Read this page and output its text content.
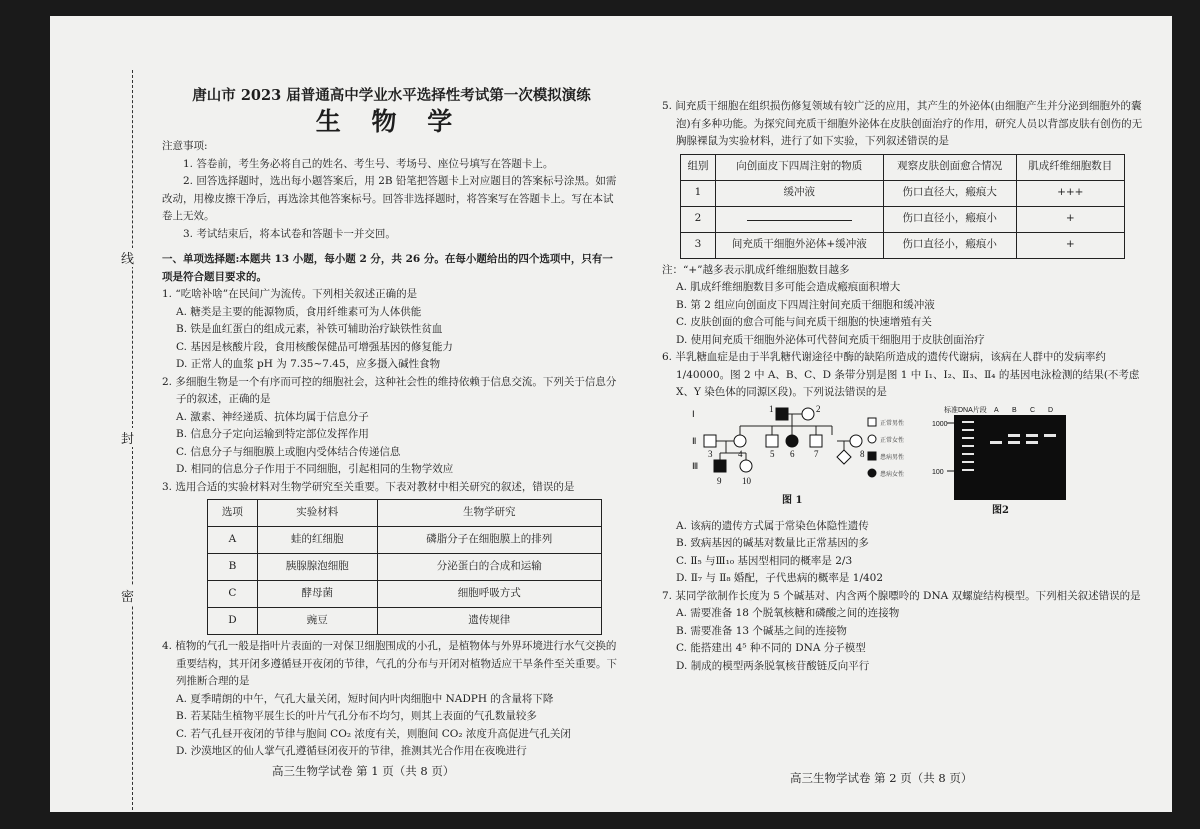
线
封
密
唐山市 2023 届普通高中学业水平选择性考试第一次模拟演练
生 物 学

注意事项:

1. 答卷前，考生务必将自己的姓名、考生号、考场号、座位号填写在答题卡上。

2. 回答选择题时，选出每小题答案后，用 2B 铅笔把答题卡上对应题目的答案标号涂黑。如需改动，用橡皮擦干净后，再选涂其他答案标号。回答非选择题时，将答案写在答题卡上。写在本试卷上无效。

3. 考试结束后，将本试卷和答题卡一并交回。

一、单项选择题:本题共 13 小题，每小题 2 分，共 26 分。在每小题给出的四个选项中，只有一项是符合题目要求的。

1. “吃啥补啥”在民间广为流传。下列相关叙述正确的是

A. 糖类是主要的能源物质，食用纤维素可为人体供能

B. 铁是血红蛋白的组成元素，补铁可辅助治疗缺铁性贫血

C. 基因是核酸片段，食用核酸保健品可增强基因的修复能力

D. 正常人的血浆 pH 为 7.35~7.45，应多摄入碱性食物

2. 多细胞生物是一个有序而可控的细胞社会，这种社会性的维持依赖于信息交流。下列关于信息分子的叙述，正确的是

A. 激素、神经递质、抗体均属于信息分子

B. 信息分子定向运输到特定部位发挥作用

C. 信息分子与细胞膜上或胞内受体结合传递信息

D. 相同的信息分子作用于不同细胞，引起相同的生物学效应

3. 选用合适的实验材料对生物学研究至关重要。下表对教材中相关研究的叙述，错误的是

选项	实验材料	生物学研究
A	蛙的红细胞	磷脂分子在细胞膜上的排列
B	胰腺腺泡细胞	分泌蛋白的合成和运输
C	酵母菌	细胞呼吸方式
D	豌豆	遗传规律

4. 植物的气孔一般是指叶片表面的一对保卫细胞围成的小孔，是植物体与外界环境进行水气交换的重要结构，其开闭多遵循昼开夜闭的节律，气孔的分布与开闭对植物适应干旱条件至关重要。下列推断合理的是

A. 夏季晴朗的中午，气孔大量关闭，短时间内叶肉细胞中 NADPH 的含量将下降

B. 若某陆生植物平展生长的叶片气孔分布不均匀，则其上表面的气孔数量较多

C. 若气孔昼开夜闭的节律与胞间 CO₂ 浓度有关，则胞间 CO₂ 浓度升高促进气孔关闭

D. 沙漠地区的仙人掌气孔遵循昼闭夜开的节律，推测其光合作用在夜晚进行

5. 间充质干细胞在组织损伤修复领域有较广泛的应用，其产生的外泌体(由细胞产生并分泌到细胞外的囊泡)有多种功能。为探究间充质干细胞外泌体在皮肤创面治疗的作用，研究人员以背部皮肤有创伤的无胸腺裸鼠为实验材料，进行了如下实验，下列叙述错误的是

组别	向创面皮下四周注射的物质	观察皮肤创面愈合情况	肌成纤维细胞数目
1	缓冲液	伤口直径大，瘢痕大	+++
2		伤口直径小，瘢痕小	+
3	间充质干细胞外泌体+缓冲液	伤口直径小，瘢痕小	+

注：“+”越多表示肌成纤维细胞数目越多

A. 肌成纤维细胞数目多可能会造成瘢痕面积增大

B. 第 2 组应向创面皮下四周注射间充质干细胞和缓冲液

C. 皮肤创面的愈合可能与间充质干细胞的快速增殖有关

D. 使用间充质干细胞外泌体可代替间充质干细胞用于皮肤创面治疗

6. 半乳糖血症是由于半乳糖代谢途径中酶的缺陷所造成的遗传代谢病，该病在人群中的发病率约 1/40000。图 2 中 A、B、C、D 条带分别是图 1 中 Ⅰ₁、Ⅰ₂、Ⅱ₃、Ⅱ₄ 的基因电泳检测的结果(不考虑 X、Y 染色体的同源区段)。下列说法错误的是

Ⅰ
Ⅱ
Ⅲ
1	2
3	4	5 6 7	8
9 10
正常男性
正常女性
患病男性
患病女性
图 1
标准DNA片段 A B C D
1000
100
图2

A. 该病的遗传方式属于常染色体隐性遗传

B. 致病基因的碱基对数量比正常基因的多

C. Ⅱ₅ 与Ⅲ₁₀ 基因型相同的概率是 2/3

D. Ⅱ₇ 与 Ⅱ₈ 婚配，子代患病的概率是 1/402

7. 某同学欲制作长度为 5 个碱基对、内含两个腺嘌呤的 DNA 双螺旋结构模型。下列相关叙述错误的是

A. 需要准备 18 个脱氧核糖和磷酸之间的连接物

B. 需要准备 13 个碱基之间的连接物

C. 能搭建出 4⁵ 种不同的 DNA 分子模型

D. 制成的模型两条脱氧核苷酸链反向平行

高三生物学试卷 第 1 页（共 8 页）	高三生物学试卷 第 2 页（共 8 页）
